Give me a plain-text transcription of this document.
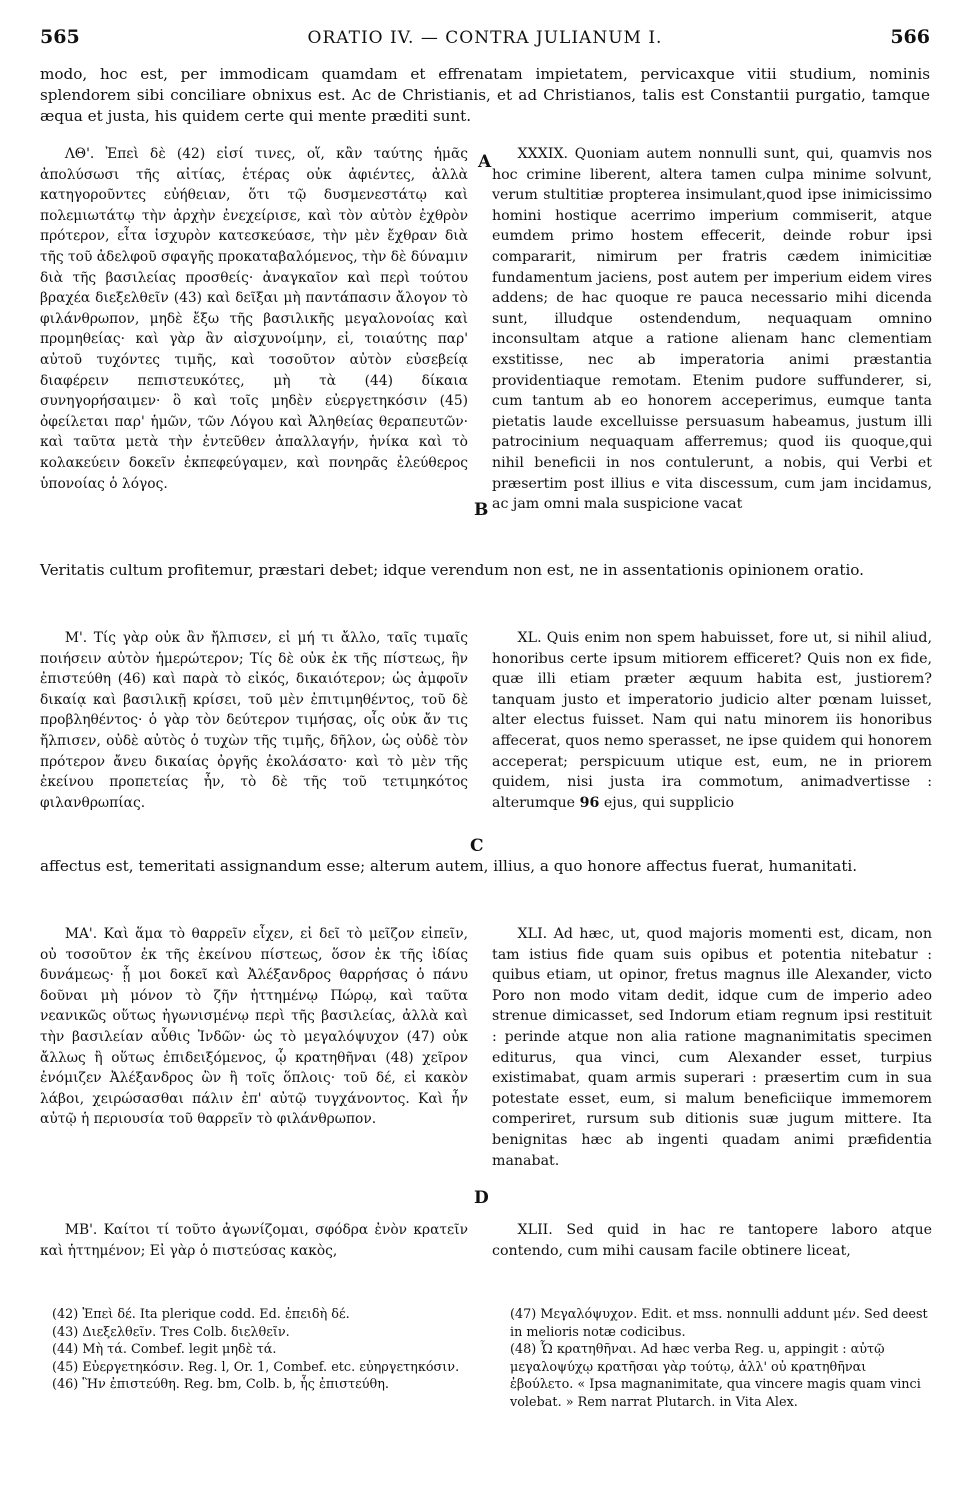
565	ORATIO IV. — CONTRA JULIANUM I.	566
modo, hoc est, per immodicam quamdam et effrenatam impietatem, pervicaxque vitii studium, nominis splendorem sibi conciliare obnixus est. Ac de Christianis, et ad Christianos, talis est Constantii purgatio, tamque æqua et justa, his quidem certe qui mente præditi sunt.

ΛΘ'. Ἐπεὶ δὲ (42) εἰσί τινες, οἵ, κἂν ταύτης ἡμᾶς ἀπολύσωσι τῆς αἰτίας, ἑτέρας οὐκ ἀφιέντες, ἀλλὰ κατηγοροῦντες εὐήθειαν, ὅτι τῷ δυσμενεστάτῳ καὶ πολεμιωτάτῳ τὴν ἀρχὴν ἐνεχείρισε, καὶ τὸν αὐτὸν ἐχθρὸν πρότερον, εἶτα ἰσχυρὸν κατεσκεύασε, τὴν μὲν ἔχθραν διὰ τῆς τοῦ ἀδελφοῦ σφαγῆς προκαταβαλόμενος, τὴν δὲ δύναμιν διὰ τῆς βασιλείας προσθείς· ἀναγκαῖον καὶ περὶ τούτου βραχέα διεξελθεῖν (43) καὶ δεῖξαι μὴ παντάπασιν ἄλογον τὸ φιλάνθρωπον, μηδὲ ἔξω τῆς βασιλικῆς μεγαλονοίας καὶ προμηθείας· καὶ γὰρ ἂν αἰσχυνοίμην, εἰ, τοιαύτης παρ' αὐτοῦ τυχόντες τιμῆς, καὶ τοσοῦτον αὐτὸν εὐσεβείᾳ διαφέρειν πεπιστευκότες, μὴ τὰ (44) δίκαια συνηγορήσαιμεν· ὃ καὶ τοῖς μηδὲν εὐεργετηκόσιν (45) ὀφείλεται παρ' ἡμῶν, τῶν Λόγου καὶ Ἀληθείας θεραπευτῶν· καὶ ταῦτα μετὰ τὴν ἐντεῦθεν ἀπαλλαγήν, ἡνίκα καὶ τὸ κολακεύειν δοκεῖν ἐκπεφεύγαμεν, καὶ πονηρᾶς ἐλεύθερος ὑπονοίας ὁ λόγος.

XXXIX. Quoniam autem nonnulli sunt, qui, quamvis nos hoc crimine liberent, altera tamen culpa minime solvunt, verum stultitiæ propterea insimulant,quod ipse inimicissimo homini hostique acerrimo imperium commiserit, atque eumdem primo hostem effecerit, deinde robur ipsi compararit, nimirum per fratris cædem inimicitiæ fundamentum jaciens, post autem per imperium eidem vires addens; de hac quoque re pauca necessario mihi dicenda sunt, illudque ostendendum, nequaquam omnino inconsultam atque a ratione alienam hanc clementiam exstitisse, nec ab imperatoria animi præstantia providentiaque remotam. Etenim pudore suffunderer, si, cum tantum ab eo honorem acceperimus, eumque tanta pietatis laude excelluisse persuasum habeamus, justum illi patrocinium nequaquam afferremus; quod iis quoque,qui nihil beneficii in nos contulerunt, a nobis, qui Verbi et præsertim post illius e vita discessum, cum jam incidamus, ac jam omni mala suspicione vacat

Veritatis cultum profitemur, præstari debet; idque verendum non est, ne in assentationis opinionem oratio.

Μ'. Τίς γὰρ οὐκ ἂν ἤλπισεν, εἰ μή τι ἄλλο, ταῖς τιμαῖς ποιήσειν αὐτὸν ἡμερώτερον; Τίς δὲ οὐκ ἐκ τῆς πίστεως, ἣν ἐπιστεύθη (46) καὶ παρὰ τὸ εἰκός, δικαιότερον; ὡς ἀμφοῖν δικαίᾳ καὶ βασιλικῇ κρίσει, τοῦ μὲν ἐπιτιμηθέντος, τοῦ δὲ προβληθέντος· ὁ γὰρ τὸν δεύτερον τιμήσας, οἷς οὐκ ἄν τις ἤλπισεν, οὐδὲ αὐτὸς ὁ τυχὼν τῆς τιμῆς, δῆλον, ὡς οὐδὲ τὸν πρότερον ἄνευ δικαίας ὀργῆς ἐκολάσατο· καὶ τὸ μὲν τῆς ἐκείνου προπετείας ἦν, τὸ δὲ τῆς τοῦ τετιμηκότος φιλανθρωπίας.

XL. Quis enim non spem habuisset, fore ut, si nihil aliud, honoribus certe ipsum mitiorem efficeret? Quis non ex fide, quæ illi etiam præter æquum habita est, justiorem? tanquam justo et imperatorio judicio alter pœnam luisset, alter electus fuisset. Nam qui natu minorem iis honoribus affecerat, quos nemo sperasset, ne ipse quidem qui honorem acceperat; perspicuum utique est, eum, ne in priorem quidem, nisi justa ira commotum, animadvertisse : alterumque 96 ejus, qui supplicio

affectus est, temeritati assignandum esse; alterum autem, illius, a quo honore affectus fuerat, humanitati.

ΜΑ'. Καὶ ἅμα τὸ θαρρεῖν εἶχεν, εἰ δεῖ τὸ μεῖζον εἰπεῖν, οὐ τοσοῦτον ἐκ τῆς ἐκείνου πίστεως, ὅσον ἐκ τῆς ἰδίας δυνάμεως· ᾗ μοι δοκεῖ καὶ Ἀλέξανδρος θαρρήσας ὁ πάνυ δοῦναι μὴ μόνον τὸ ζῆν ἡττημένῳ Πώρῳ, καὶ ταῦτα νεανικῶς οὕτως ἠγωνισμένῳ περὶ τῆς βασιλείας, ἀλλὰ καὶ τὴν βασιλείαν αὖθις Ἰνδῶν· ὡς τὸ μεγαλόψυχον (47) οὐκ ἄλλως ἢ οὕτως ἐπιδειξόμενος, ᾧ κρατηθῆναι (48) χεῖρον ἐνόμιζεν Ἀλέξανδρος ὢν ἢ τοῖς ὅπλοις· τοῦ δέ, εἰ κακὸν λάβοι, χειρώσασθαι πάλιν ἐπ' αὐτῷ τυγχάνοντος. Καὶ ἦν αὐτῷ ἡ περιουσία τοῦ θαρρεῖν τὸ φιλάνθρωπον.

XLI. Ad hæc, ut, quod majoris momenti est, dicam, non tam istius fide quam suis opibus et potentia nitebatur : quibus etiam, ut opinor, fretus magnus ille Alexander, victo Poro non modo vitam dedit, idque cum de imperio adeo strenue dimicasset, sed Indorum etiam regnum ipsi restituit : perinde atque non alia ratione magnanimitatis specimen editurus, qua vinci, cum Alexander esset, turpius existimabat, quam armis superari : præsertim cum in sua potestate esset, eum, si malum beneficiique immemorem comperiret, rursum sub ditionis suæ jugum mittere. Ita benignitas hæc ab ingenti quadam animi præfidentia manabat.

ΜΒ'. Καίτοι τί τοῦτο ἀγωνίζομαι, σφόδρα ἐνὸν κρατεῖν καὶ ἡττημένον; Εἰ γὰρ ὁ πιστεύσας κακὸς,

XLII. Sed quid in hac re tantopere laboro atque contendo, cum mihi causam facile obtinere liceat,

A
B
C
D
(42) Ἐπεὶ δέ. Ita plerique codd. Ed. ἐπειδὴ δέ.
(43) Διεξελθεῖν. Tres Colb. διελθεῖν.
(44) Μὴ τά. Combef. legit μηδὲ τά.
(45) Εὐεργετηκόσιν. Reg. l, Or. 1, Combef. etc. εὐηργετηκόσιν.
(46) Ἣν ἐπιστεύθη. Reg. bm, Colb. b, ἧς ἐπιστεύθη.
(47) Μεγαλόψυχον. Edit. et mss. nonnulli addunt μέν. Sed deest in melioris notæ codicibus.
(48) Ὧ κρατηθῆναι. Ad hæc verba Reg. u, appingit : αὐτῷ μεγαλοψύχῳ κρατῆσαι γὰρ τούτῳ, ἀλλ' οὐ κρατηθῆναι ἐβούλετο. « Ipsa magnanimitate, qua vincere magis quam vinci volebat. » Rem narrat Plutarch. in Vita Alex.
